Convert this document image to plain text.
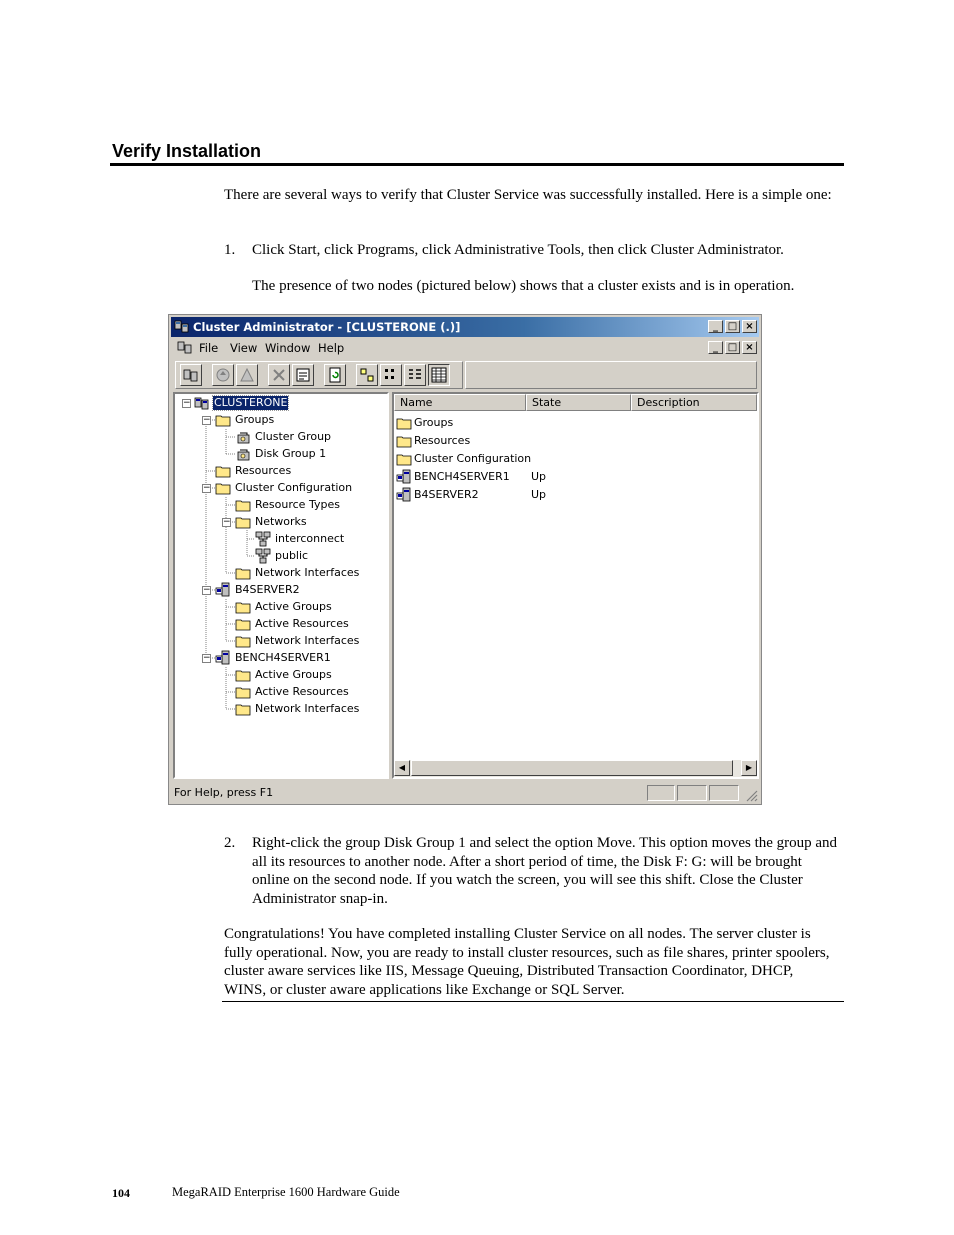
Verify Installation

There are several ways to verify that Cluster Service was successfully installed. Here is a simple one:

1. Click Start, click Programs, click Administrative Tools, then click Cluster Administrator.

The presence of two nodes (pictured below) shows that a cluster exists and is in operation.

Cluster Administrator - [CLUSTERONE (.)]	_ □ ×
File View Window Help	_ □ ×
− CLUSTERONE
− Groups
Cluster Group
Disk Group 1
Resources
− Cluster Configuration
Resource Types
− Networks
interconnect
public
Network Interfaces
− B4SERVER2
Active Groups
Active Resources
Network Interfaces
− BENCH4SERVER1
Active Groups
Active Resources
Network Interfaces
Name	State	Description
Groups
Resources
Cluster Configuration
BENCH4SERVER1 Up
B4SERVER2	Up
◀	▶
For Help, press F1
2. Right-click the group Disk Group 1 and select the option Move. This option moves the group and all its resources to another node. After a short period of time, the Disk F: G: will be brought online on the second node. If you watch the screen, you will see this shift. Close the Cluster Administrator snap-in.

Congratulations! You have completed installing Cluster Service on all nodes. The server cluster is fully operational. Now, you are ready to install cluster resources, such as file shares, printer spoolers, cluster aware services like IIS, Message Queuing, Distributed Transaction Coordinator, DHCP, WINS, or cluster aware applications like Exchange or SQL Server.

104	MegaRAID Enterprise 1600 Hardware Guide
